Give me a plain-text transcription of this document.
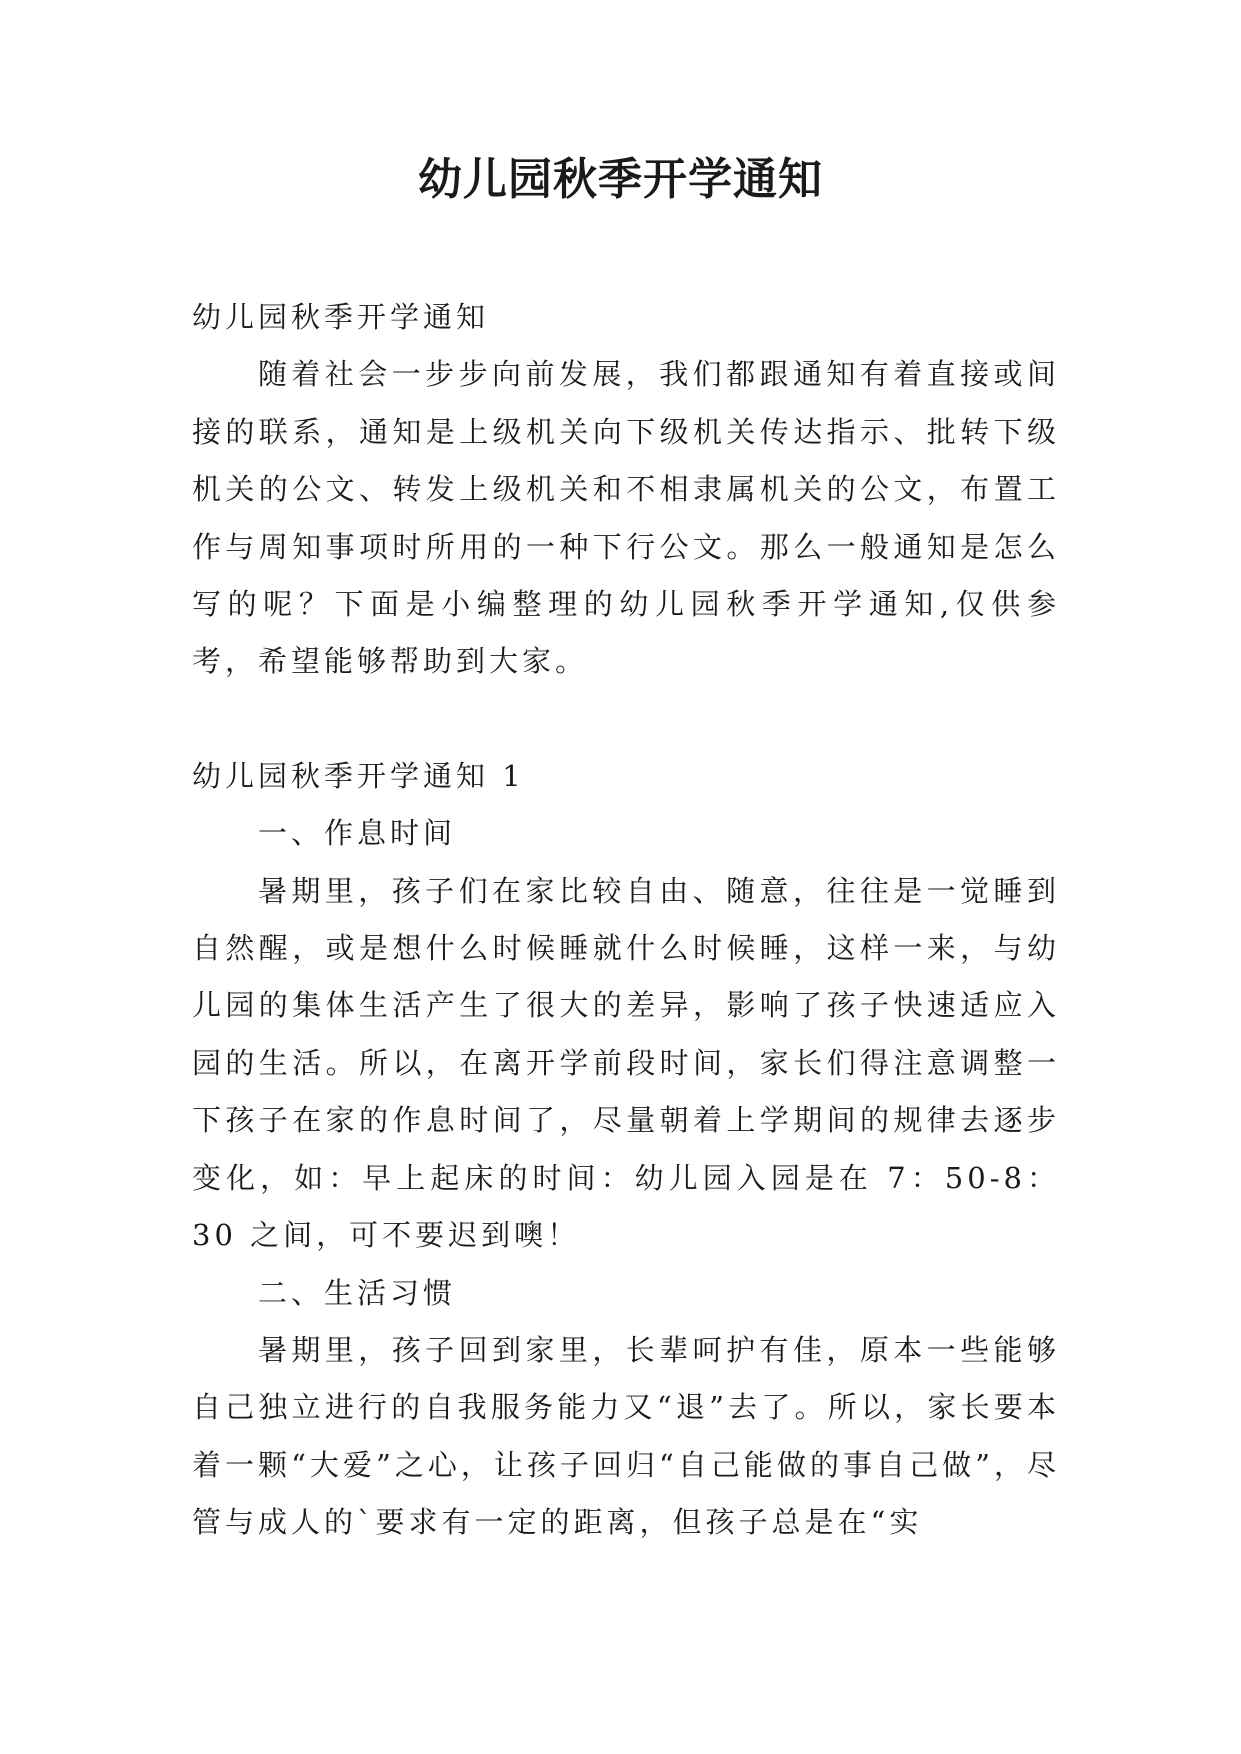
幼儿园秋季开学通知

幼儿园秋季开学通知

随着社会一步步向前发展，我们都跟通知有着直接或间接的联系，通知是上级机关向下级机关传达指示、批转下级机关的公文、转发上级机关和不相隶属机关的公文，布置工作与周知事项时所用的一种下行公文。那么一般通知是怎么写的呢？下面是小编整理的幼儿园秋季开学通知,仅供参考，希望能够帮助到大家。

幼儿园秋季开学通知 1

一、作息时间

暑期里，孩子们在家比较自由、随意，往往是一觉睡到自然醒，或是想什么时候睡就什么时候睡，这样一来，与幼儿园的集体生活产生了很大的差异，影响了孩子快速适应入园的生活。所以，在离开学前段时间，家长们得注意调整一下孩子在家的作息时间了，尽量朝着上学期间的规律去逐步变化，如：早上起床的时间：幼儿园入园是在 7：50-8：30 之间，可不要迟到噢！

二、生活习惯

暑期里，孩子回到家里，长辈呵护有佳，原本一些能够自己独立进行的自我服务能力又“退”去了。所以，家长要本着一颗“大爱”之心，让孩子回归“自己能做的事自己做”，尽管与成人的`要求有一定的距离，但孩子总是在“实
